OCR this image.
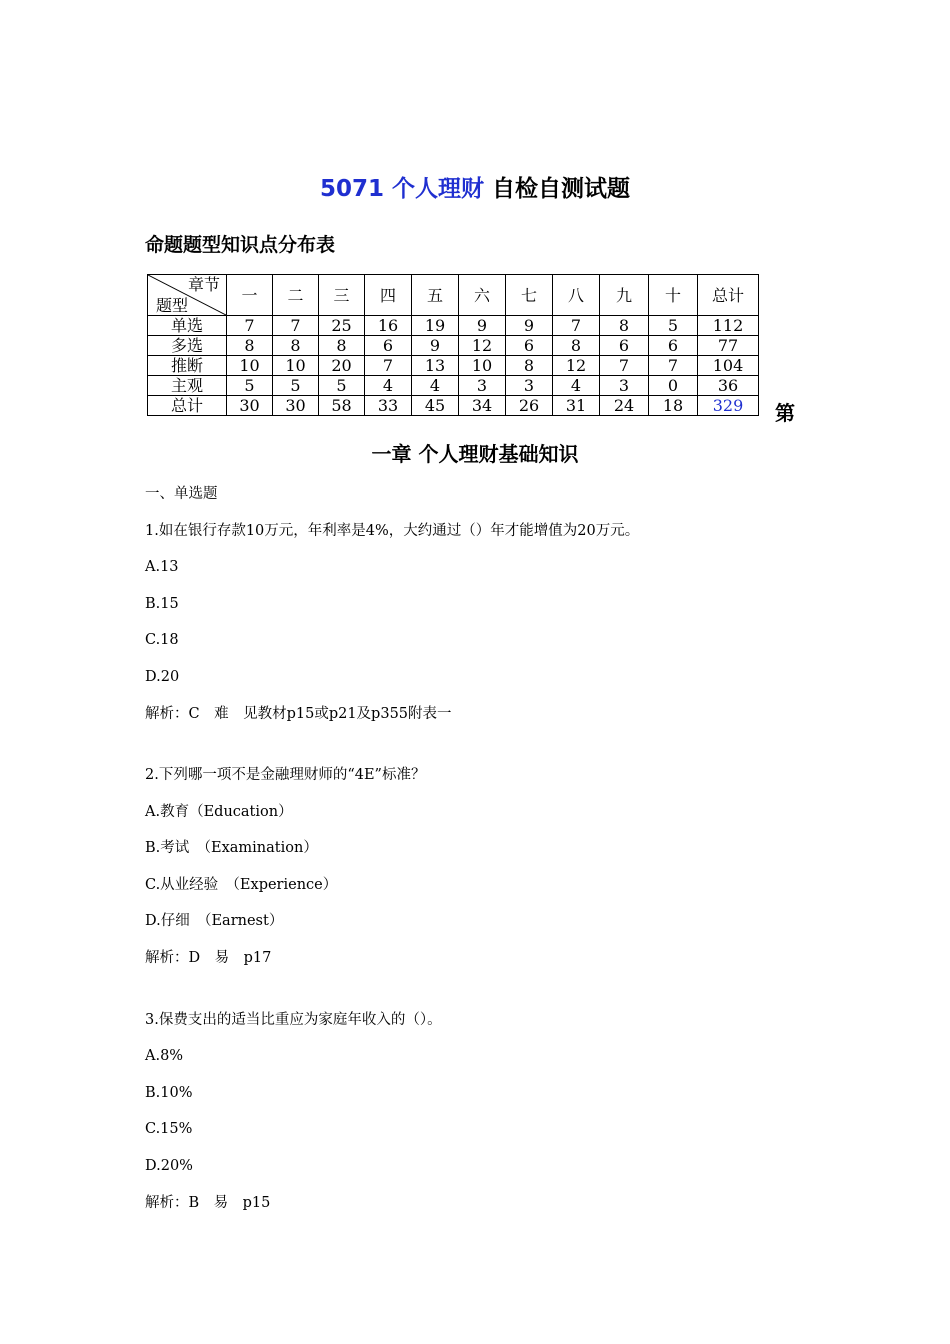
5071 个人理财 自检自测试题
命题题型知识点分布表
章节
题型	一	二	三	四	五	六	七	八	九	十	总计
单选	7	7	25	16	19	9	9	7	8	5	112
多选	8	8	8	6	9	12	6	8	6	6	77
推断	10	10	20	7	13	10	8	12	7	7	104
主观	5	5	5	4	4	3	3	4	3	0	36
总计	30	30	58	33	45	34	26	31	24	18	329 第
一章 个人理财基础知识
一、单选题
1.如在银行存款10万元，年利率是4%，大约通过（）年才能增值为20万元。
A.13
B.15
C.18
D.20
解析：C　难　见教材p15或p21及p355附表一
2.下列哪一项不是金融理财师的“4E”标准？
A.教育（Education）
B.考试　（Examination）
C.从业经验　（Experience）
D.仔细　（Earnest）
解析：D　易　p17
3.保费支出的适当比重应为家庭年收入的（）。
A.8%
B.10%
C.15%
D.20%
解析：B　易　p15
